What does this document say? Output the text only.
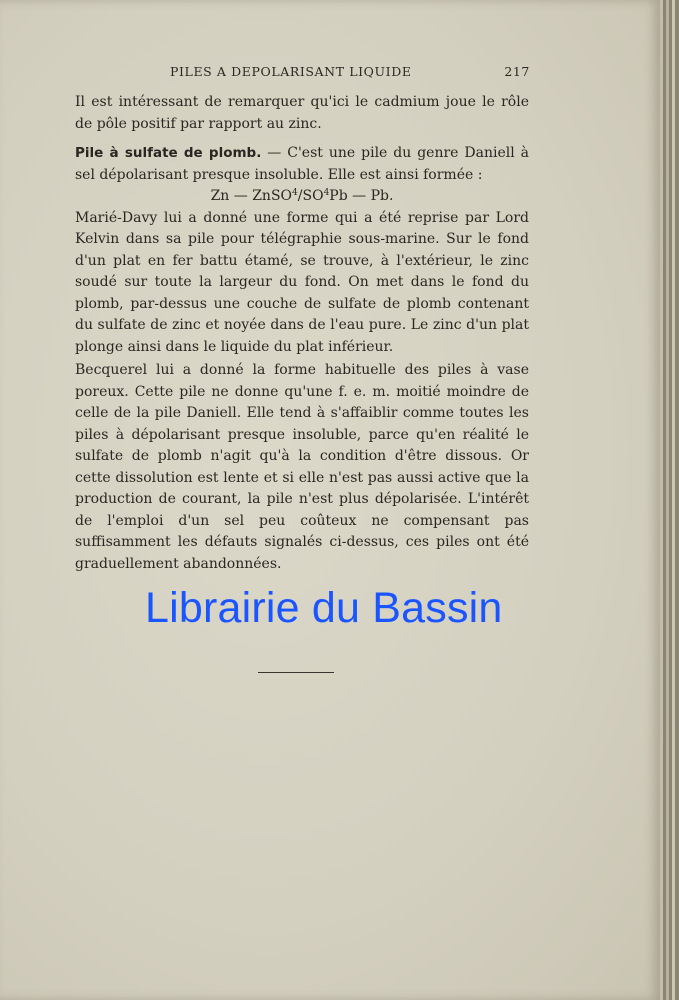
PILES A DEPOLARISANT LIQUIDE	217

Il est intéressant de remarquer qu'ici le cadmium joue le rôle de pôle positif par rapport au zinc.

Pile à sulfate de plomb. — C'est une pile du genre Daniell à sel dépolarisant presque insoluble. Elle est ainsi formée :

Zn — $ZnSO^4/SO^4Pb$ — Pb.

Marié-Davy lui a donné une forme qui a été reprise par Lord Kelvin dans sa pile pour télégraphie sous-marine. Sur le fond d'un plat en fer battu étamé, se trouve, à l'extérieur, le zinc soudé sur toute la largeur du fond. On met dans le fond du plomb, par-dessus une couche de sulfate de plomb contenant du sulfate de zinc et noyée dans de l'eau pure. Le zinc d'un plat plonge ainsi dans le liquide du plat inférieur.

Becquerel lui a donné la forme habituelle des piles à vase poreux. Cette pile ne donne qu'une f. e. m. moitié moindre de celle de la pile Daniell. Elle tend à s'affaiblir comme toutes les piles à dépolarisant presque insoluble, parce qu'en réalité le sulfate de plomb n'agit qu'à la condition d'être dissous. Or cette dissolution est lente et si elle n'est pas aussi active que la production de courant, la pile n'est plus dépolarisée. L'intérêt de l'emploi d'un sel peu coûteux ne compensant pas suffisamment les défauts signalés ci-dessus, ces piles ont été graduellement abandonnées.

Librairie du Bassin
